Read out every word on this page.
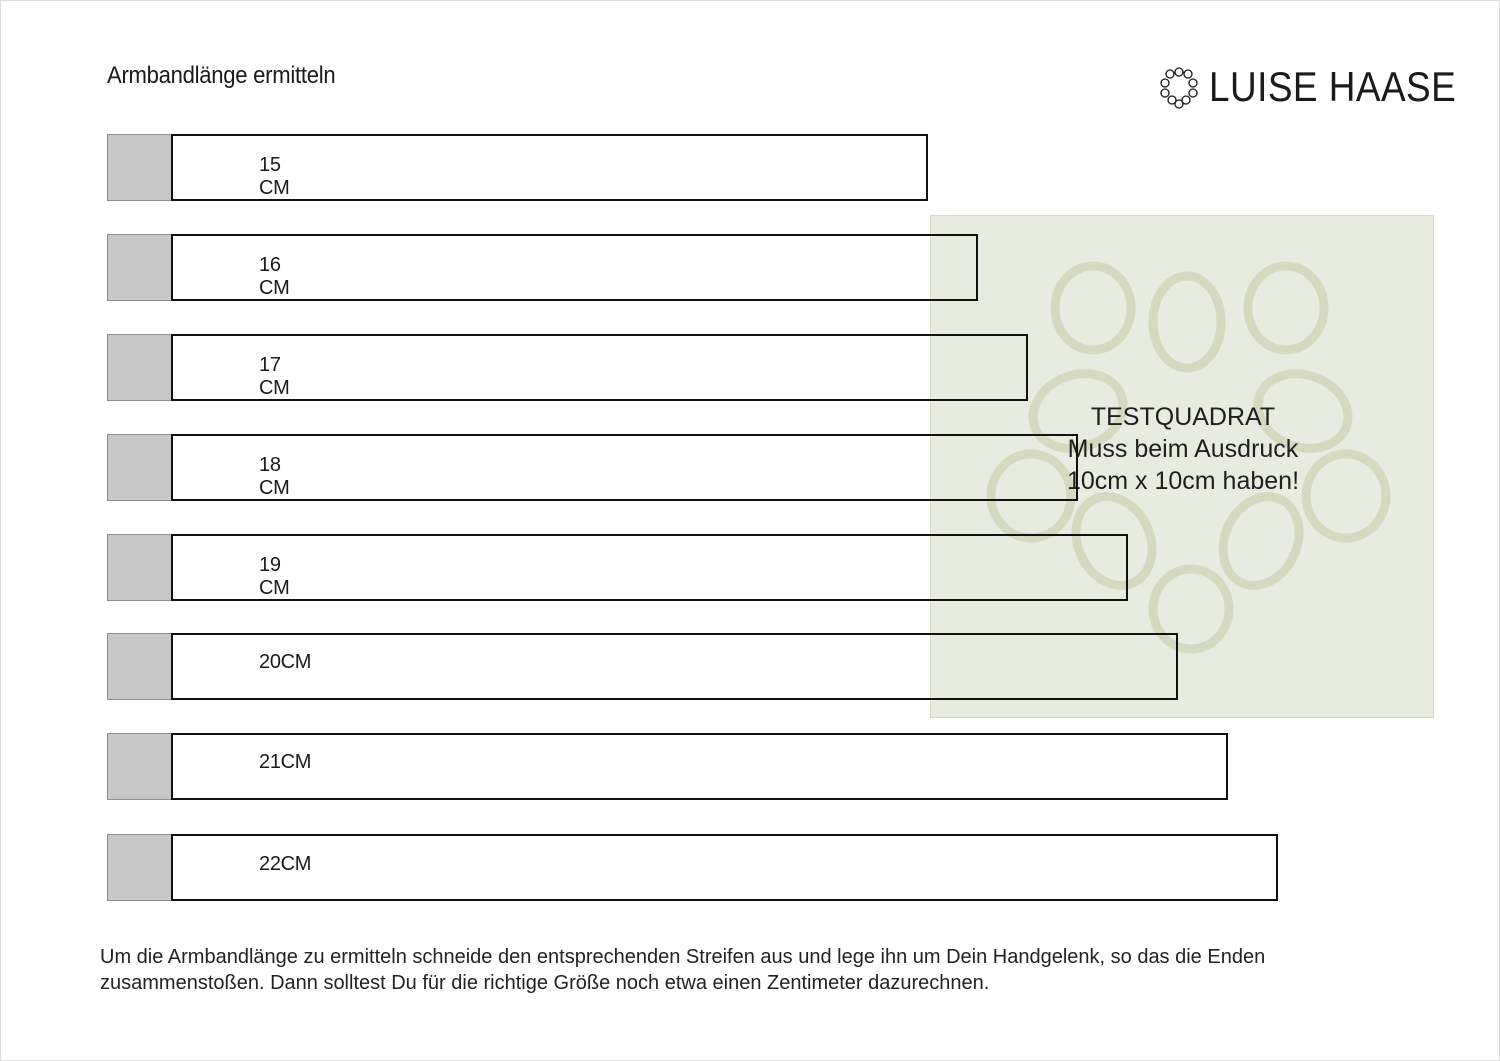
Armbandlänge ermitteln	LUISE HAASE
TESTQUADRAT
Muss beim Ausdruck
10cm x 10cm haben!
15 CM
16 CM
17 CM
18 CM
19 CM
20CM
21CM
22CM
Um die Armbandlänge zu ermitteln schneide den entsprechenden Streifen aus und lege ihn um Dein Handgelenk, so das die Enden zusammenstoßen. Dann solltest Du für die richtige Größe noch etwa einen Zentimeter dazurechnen.
